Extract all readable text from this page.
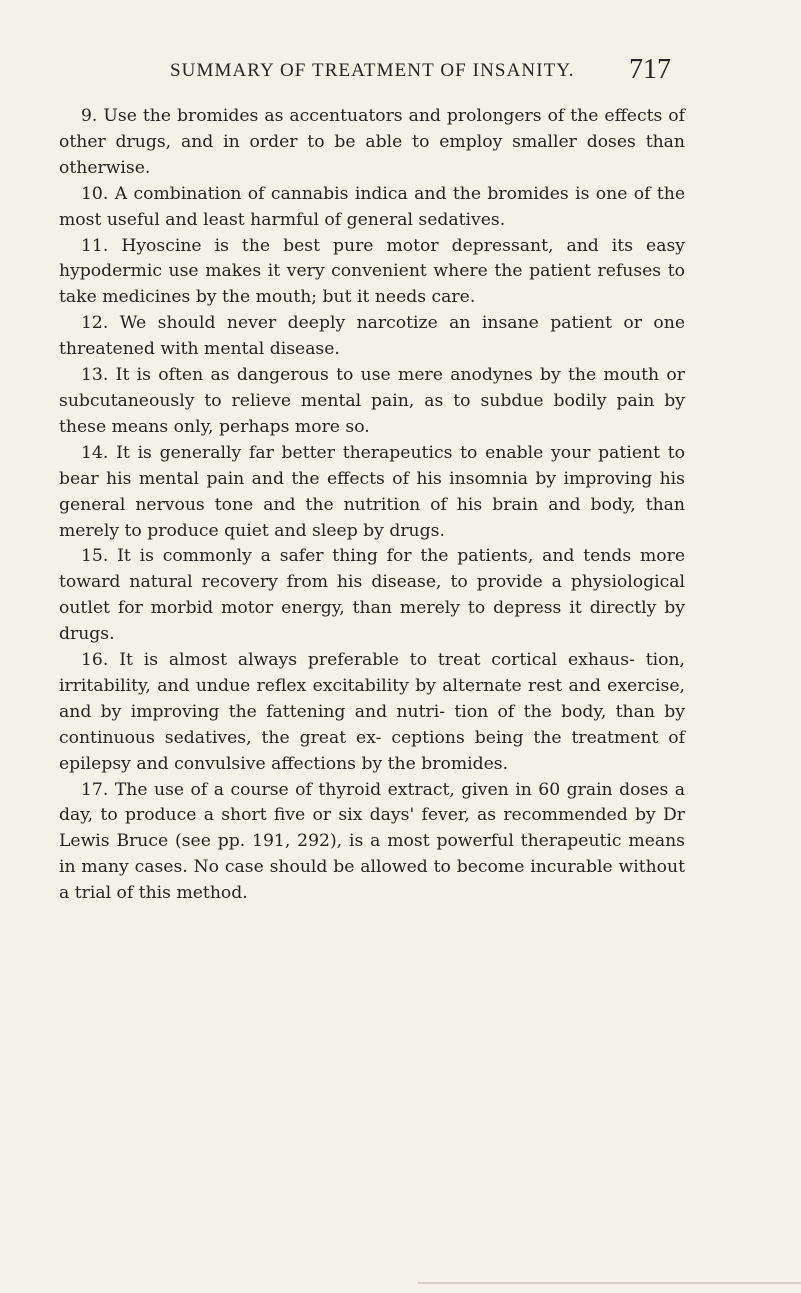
SUMMARY OF TREATMENT OF INSANITY. 717

9. Use the bromides as accentuators and prolongers of the effects of other drugs, and in order to be able to employ smaller doses than otherwise.

10. A combination of cannabis indica and the bromides is one of the most useful and least harmful of general sedatives.

11. Hyoscine is the best pure motor depressant, and its easy hypodermic use makes it very convenient where the patient refuses to take medicines by the mouth; but it needs care.

12. We should never deeply narcotize an insane patient or one threatened with mental disease.

13. It is often as dangerous to use mere anodynes by the mouth or subcutaneously to relieve mental pain, as to subdue bodily pain by these means only, perhaps more so.

14. It is generally far better therapeutics to enable your patient to bear his mental pain and the effects of his insomnia by improving his general nervous tone and the nutrition of his brain and body, than merely to produce quiet and sleep by drugs.

15. It is commonly a safer thing for the patients, and tends more toward natural recovery from his disease, to provide a physiological outlet for morbid motor energy, than merely to depress it directly by drugs.

16. It is almost always preferable to treat cortical exhaus- tion, irritability, and undue reflex excitability by alternate rest and exercise, and by improving the fattening and nutri- tion of the body, than by continuous sedatives, the great ex- ceptions being the treatment of epilepsy and convulsive affections by the bromides.

17. The use of a course of thyroid extract, given in 60 grain doses a day, to produce a short five or six days' fever, as recommended by Dr Lewis Bruce (see pp. 191, 292), is a most powerful therapeutic means in many cases. No case should be allowed to become incurable without a trial of this method.
